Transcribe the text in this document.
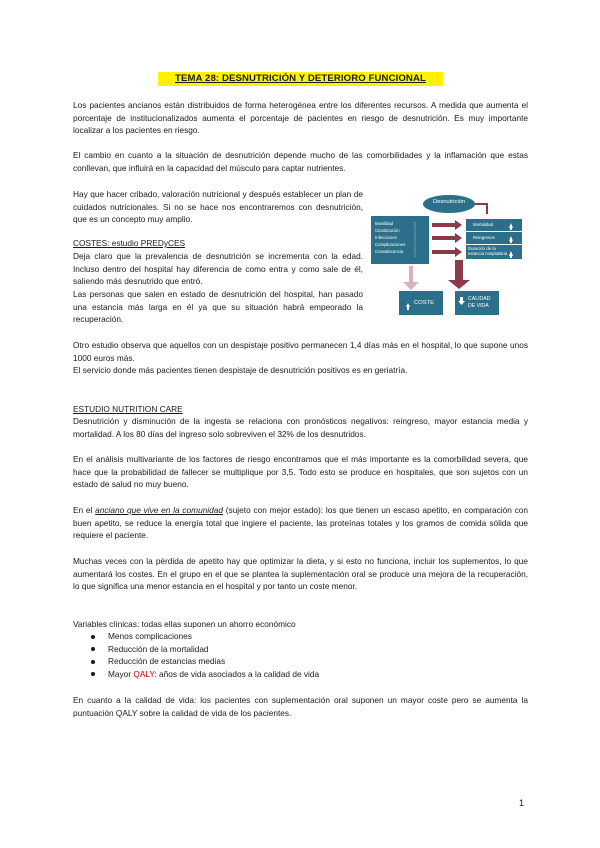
TEMA 28: DESNUTRICIÓN Y DETERIORO FUNCIONAL

Los pacientes ancianos están distribuidos de forma heterogénea entre los diferentes recursos. A medida que aumenta el porcentaje de institucionalizados aumenta el porcentaje de pacientes en riesgo de desnutrición. Es muy importante localizar a los pacientes en riesgo.

El cambio en cuanto a la situación de desnutrición depende mucho de las comorbilidades y la inflamación que estas conllevan, que influirá en la capacidad del músculo para captar nutrientes.

Hay que hacer cribado, valoración nutricional y después establecer un plan de cuidados nutricionales. Si no se hace nos encontraremos con desnutrición, que es un concepto muy amplio.

COSTES: estudio PREDyCES

Deja claro que la prevalencia de desnutrición se incrementa con la edad. Incluso dentro del hospital hay diferencia de como entra y como sale de él, saliendo más desnutrido que entró.

Las personas que salen en estado de desnutrición del hospital, han pasado una estancia más larga en él ya que su situación habrá empeorado la recuperación.

Desnutrición
Movilidad
Cicatrización
Infecciones
Complicaciones
Convalecencia
Mortalidad
Reingresos
Duración de la estancia hospitalaria
COSTE
CALIDAD DE VIDA

Otro estudio observa que aquellos con un despistaje positivo permanecen 1,4 días más en el hospital, lo que supone unos 1000 euros más.

El servicio donde más pacientes tienen despistaje de desnutrición positivos es en geriatría.

ESTUDIO NUTRITION CARE

Desnutrición y disminución de la ingesta se relaciona con pronósticos negativos: reingreso, mayor estancia media y mortalidad. A los 80 días del ingreso solo sobreviven el 32% de los desnutridos.

En el análisis multivariante de los factores de riesgo encontramos que el más importante es la comorbilidad severa, que hace que la probabilidad de fallecer se multiplique por 3,5. Todo esto se produce en hospitales, que son sujetos con un estado de salud no muy bueno.

En el anciano que vive en la comunidad (sujeto con mejor estado): los que tienen un escaso apetito, en comparación con buen apetito, se reduce la energía total que ingiere el paciente, las proteínas totales y los gramos de comida sólida que requiere el paciente.

Muchas veces con la pérdida de apetito hay que optimizar la dieta, y si esto no funciona, incluir los suplementos, lo que aumentará los costes. En el grupo en el que se plantea la suplementación oral se produce una mejora de la recuperación, lo que significa una menor estancia en el hospital y por tanto un coste menor.

Variables clínicas: todas ellas suponen un ahorro económico

Menos complicaciones
Reducción de la mortalidad
Reducción de estancias medias
Mayor QALY: años de vida asociados a la calidad de vida

En cuanto a la calidad de vida: los pacientes con suplementación oral suponen un mayor coste pero se aumenta la puntuación QALY sobre la calidad de vida de los pacientes.

1
